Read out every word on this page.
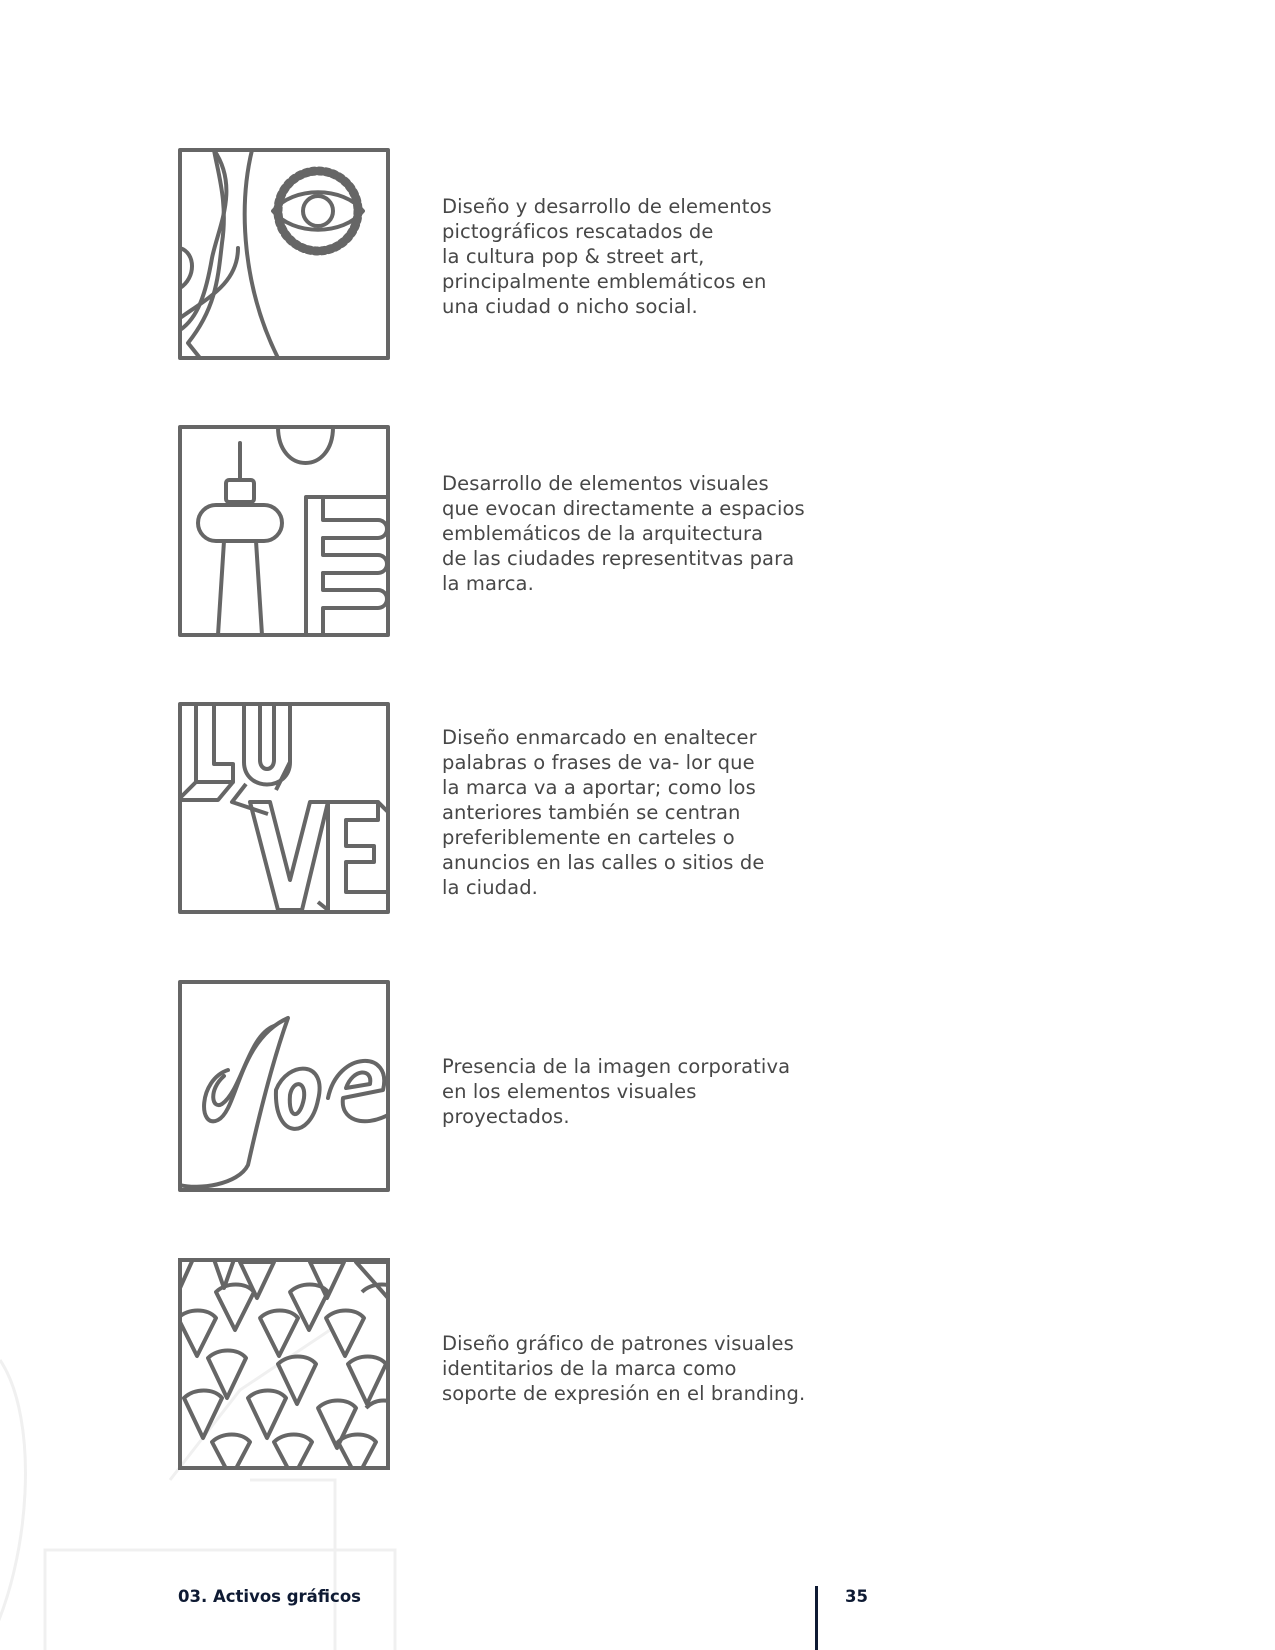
Diseño y desarrollo de elementos
pictográficos rescatados de
la cultura pop & street art,
principalmente emblemáticos en
una ciudad o nicho social.

Desarrollo de elementos visuales
que evocan directamente a espacios
emblemáticos de la arquitectura
de las ciudades representitvas para
la marca.

Diseño enmarcado en enaltecer
palabras o frases de va- lor que
la marca va a aportar; como los
anteriores también se centran
preferiblemente en carteles o
anuncios en las calles o sitios de
la ciudad.

Presencia de la imagen corporativa
en los elementos visuales
proyectados.

Diseño gráfico de patrones visuales
identitarios de la marca como
soporte de expresión en el branding.

03. Activos gráficos	35
